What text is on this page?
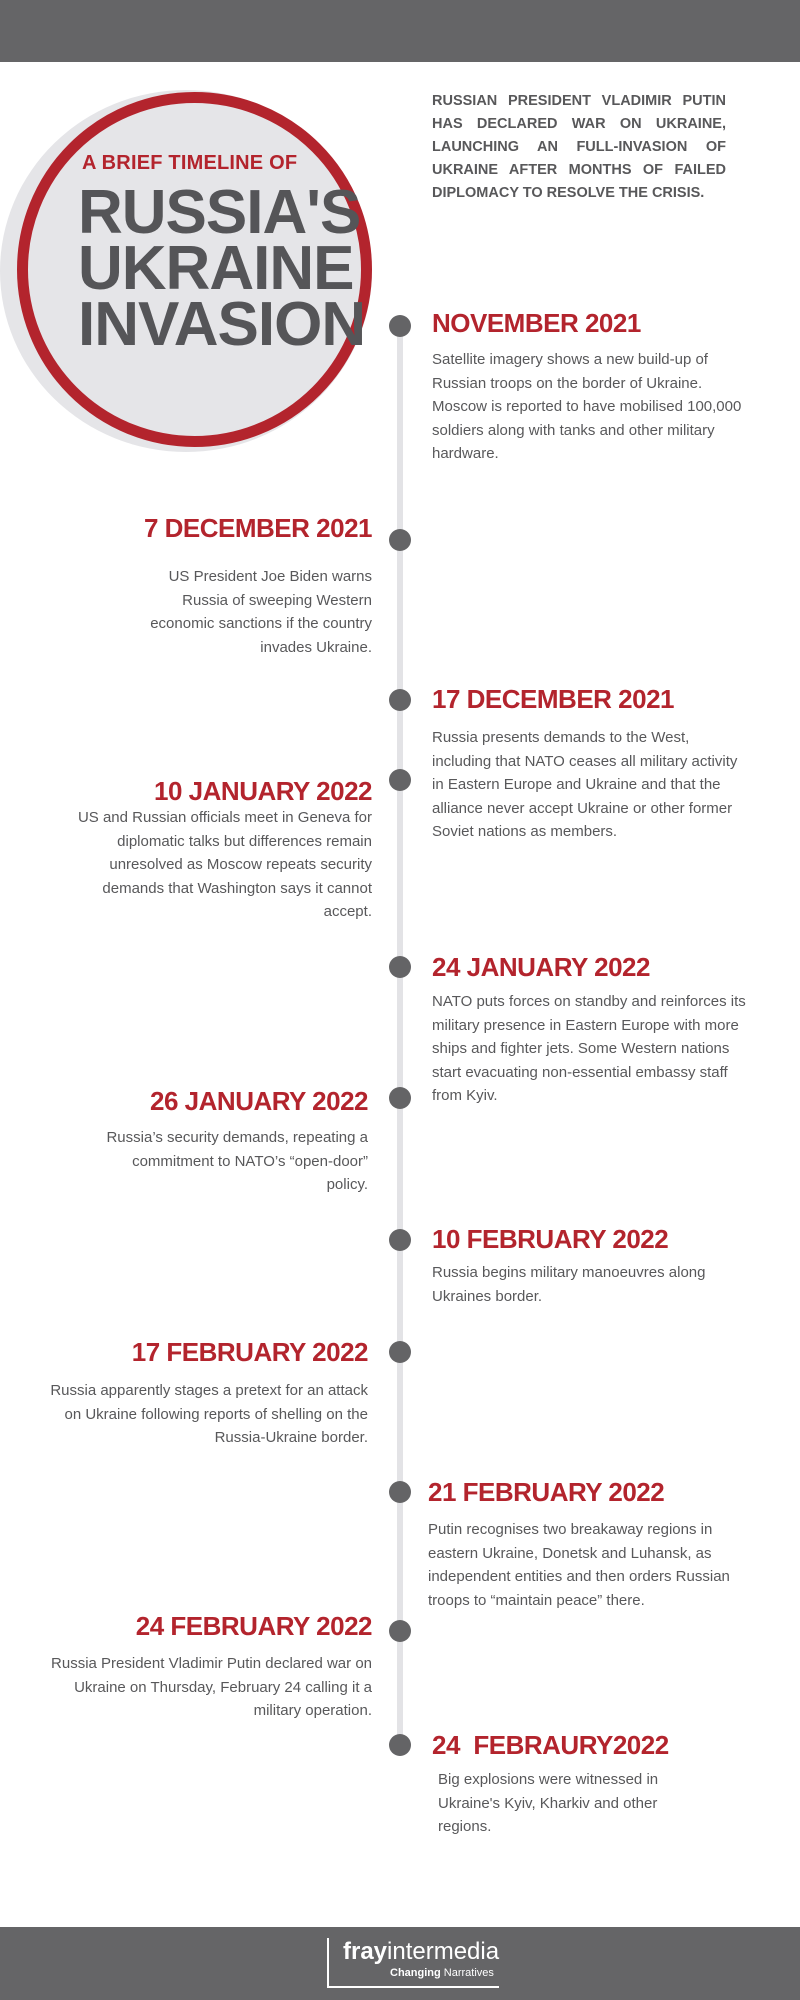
A BRIEF TIMELINE OF
RUSSIA'S
UKRAINE
INVASION
RUSSIAN PRESIDENT VLADIMIR PUTIN HAS DECLARED WAR ON UKRAINE, LAUNCHING AN FULL-INVASION OF UKRAINE AFTER MONTHS OF FAILED DIPLOMACY TO RESOLVE THE CRISIS.
NOVEMBER 2021
Satellite imagery shows a new build-up of Russian troops on the border of Ukraine. Moscow is reported to have mobilised 100,000 soldiers along with tanks and other military hardware.
7 DECEMBER 2021
US President Joe Biden warns Russia of sweeping Western economic sanctions if the country invades Ukraine.
17 DECEMBER 2021
Russia presents demands to the West, including that NATO ceases all military activity in Eastern Europe and Ukraine and that the alliance never accept Ukraine or other former Soviet nations as members.
10 JANUARY 2022
US and Russian officials meet in Geneva for diplomatic talks but differences remain unresolved as Moscow repeats security demands that Washington says it cannot accept.
24 JANUARY 2022
NATO puts forces on standby and reinforces its military presence in Eastern Europe with more ships and fighter jets. Some Western nations start evacuating non-essential embassy staff from Kyiv.
26 JANUARY 2022
Russia’s security demands, repeating a commitment to NATO’s “open-door” policy.
10 FEBRUARY 2022
Russia begins military manoeuvres along Ukraines border.
17 FEBRUARY 2022
Russia apparently stages a pretext for an attack on Ukraine following reports of shelling on the Russia-Ukraine border.
21 FEBRUARY 2022
Putin recognises two breakaway regions in eastern Ukraine, Donetsk and Luhansk, as independent entities and then orders Russian troops to “maintain peace” there.
24 FEBRUARY 2022
Russia President Vladimir Putin declared war on Ukraine on Thursday, February 24 calling it a military operation.
24  FEBRAURY2022
Big explosions were witnessed in Ukraine's Kyiv, Kharkiv and other regions.
frayintermedia
Changing Narratives
